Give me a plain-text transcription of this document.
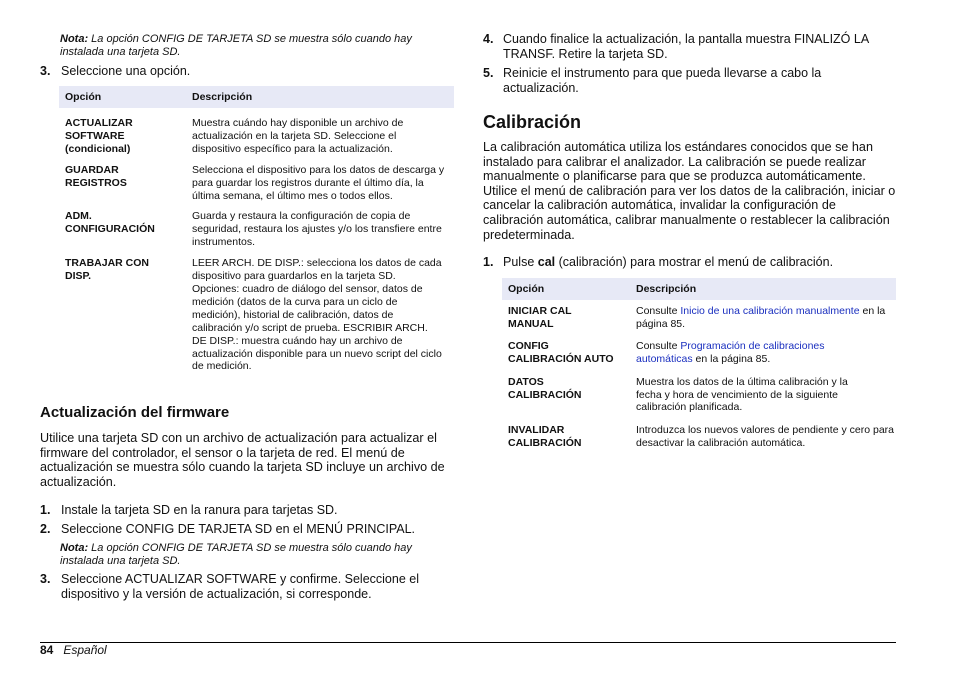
Nota: La opción CONFIG DE TARJETA SD se muestra sólo cuando hay instalada una tarjeta SD.
3. Seleccione una opción.
Opción	Descripción
ACTUALIZAR
SOFTWARE
(condicional)	Muestra cuándo hay disponible un archivo de actualización en la tarjeta SD. Seleccione el dispositivo específico para la actualización.
GUARDAR
REGISTROS	Selecciona el dispositivo para los datos de descarga y para guardar los registros durante el último día, la última semana, el último mes o todos ellos.
ADM.
CONFIGURACIÓN	Guarda y restaura la configuración de copia de seguridad, restaura los ajustes y/o los transfiere entre instrumentos.
TRABAJAR CON
DISP.	LEER ARCH. DE DISP.: selecciona los datos de cada dispositivo para guardarlos en la tarjeta SD. Opciones: cuadro de diálogo del sensor, datos de medición (datos de la curva para un ciclo de medición), historial de calibración, datos de calibración y/o script de prueba. ESCRIBIR ARCH. DE DISP.: muestra cuándo hay un archivo de actualización disponible para un nuevo script del ciclo de medición.
Actualización del firmware
Utilice una tarjeta SD con un archivo de actualización para actualizar el firmware del controlador, el sensor o la tarjeta de red. El menú de actualización se muestra sólo cuando la tarjeta SD incluye un archivo de actualización.
1. Instale la tarjeta SD en la ranura para tarjetas SD.
2. Seleccione CONFIG DE TARJETA SD en el MENÚ PRINCIPAL.
Nota: La opción CONFIG DE TARJETA SD se muestra sólo cuando hay instalada una tarjeta SD.
3. Seleccione ACTUALIZAR SOFTWARE y confirme. Seleccione el dispositivo y la versión de actualización, si corresponde.
4. Cuando finalice la actualización, la pantalla muestra FINALIZÓ LA TRANSF. Retire la tarjeta SD.
5. Reinicie el instrumento para que pueda llevarse a cabo la actualización.
Calibración
La calibración automática utiliza los estándares conocidos que se han instalado para calibrar el analizador. La calibración se puede realizar manualmente o planificarse para que se produzca automáticamente. Utilice el menú de calibración para ver los datos de la calibración, iniciar o cancelar la calibración automática, invalidar la configuración de calibración automática, calibrar manualmente o restablecer la calibración predeterminada.
1. Pulse cal (calibración) para mostrar el menú de calibración.
Opción	Descripción
INICIAR CAL
MANUAL	Consulte Inicio de una calibración manualmente en la página 85.
CONFIG
CALIBRACIÓN AUTO	Consulte Programación de calibraciones automáticas en la página 85.
DATOS
CALIBRACIÓN	Muestra los datos de la última calibración y la fecha y hora de vencimiento de la siguiente calibración planificada.
INVALIDAR
CALIBRACIÓN	Introduzca los nuevos valores de pendiente y cero para desactivar la calibración automática.
84 Español
